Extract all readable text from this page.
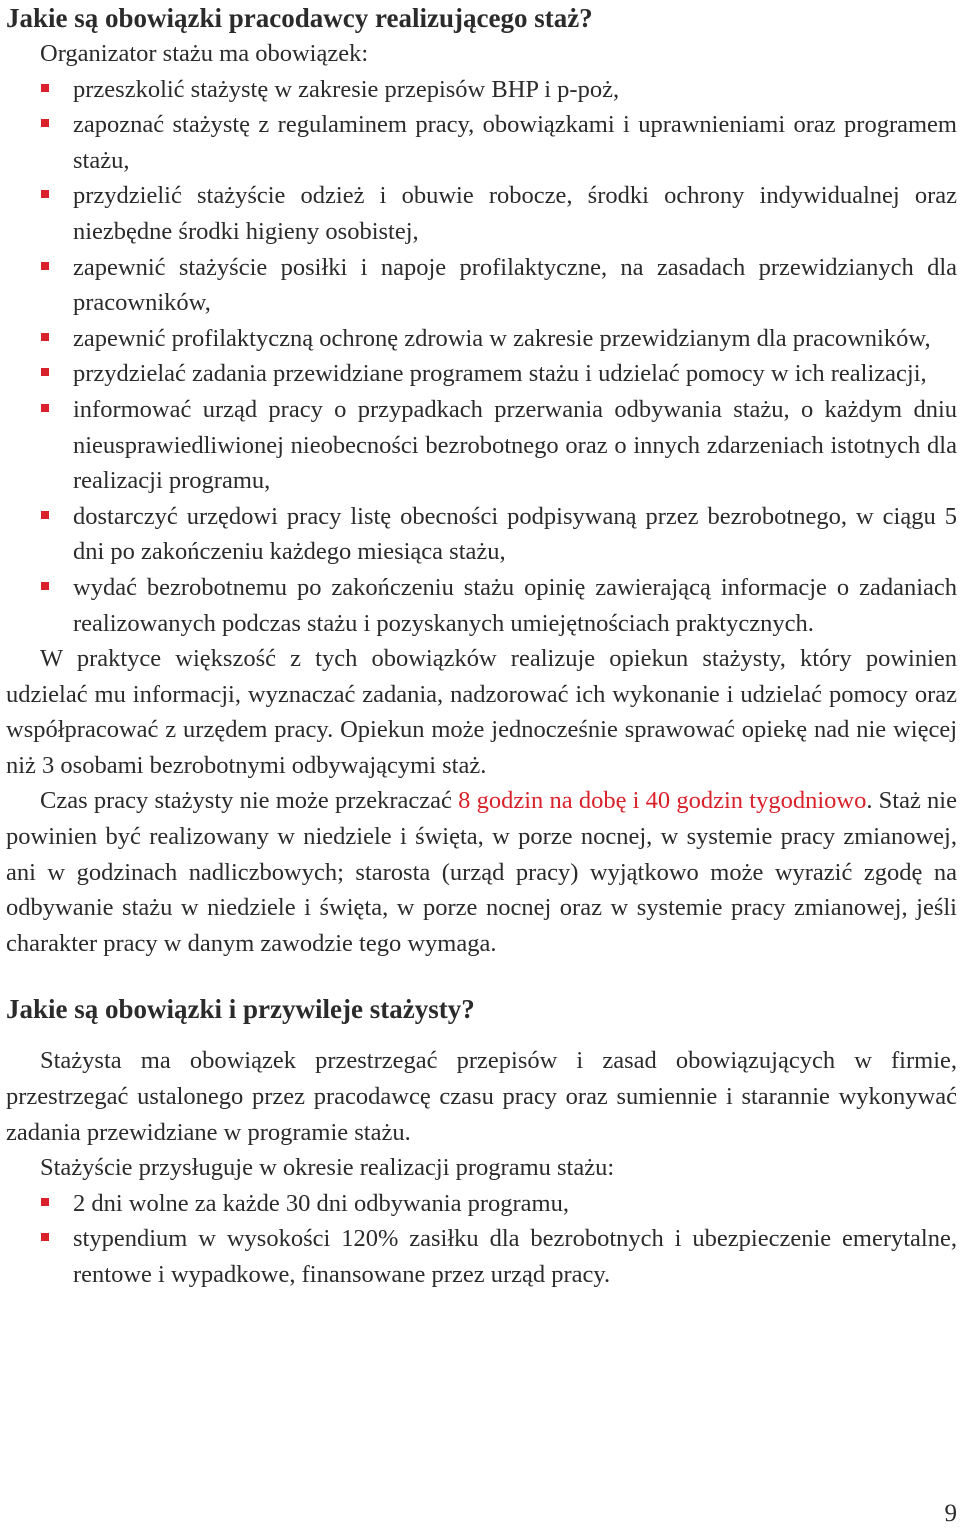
Jakie są obowiązki pracodawcy realizującego staż?

Organizator stażu ma obowiązek:

przeszkolić stażystę w zakresie przepisów BHP i p-poż,
zapoznać stażystę z regulaminem pracy, obowiązkami i uprawnieniami oraz programem stażu,
przydzielić stażyście odzież i obuwie robocze, środki ochrony indywidualnej oraz niezbędne środki higieny osobistej,
zapewnić stażyście posiłki i napoje profilaktyczne, na zasadach przewidzianych dla pracowników,
zapewnić profilaktyczną ochronę zdrowia w zakresie przewidzianym dla pracowników,
przydzielać zadania przewidziane programem stażu i udzielać pomocy w ich realizacji,
informować urząd pracy o przypadkach przerwania odbywania stażu, o każdym dniu nieusprawiedliwionej nieobecności bezrobotnego oraz o innych zdarzeniach istotnych dla realizacji programu,
dostarczyć urzędowi pracy listę obecności podpisywaną przez bezrobotnego, w ciągu 5 dni po zakończeniu każdego miesiąca stażu,
wydać bezrobotnemu po zakończeniu stażu opinię zawierającą informacje o zadaniach realizowanych podczas stażu i pozyskanych umiejętnościach praktycznych.

W praktyce większość z tych obowiązków realizuje opiekun stażysty, który powinien udzielać mu informacji, wyznaczać zadania, nadzorować ich wykonanie i udzielać pomocy oraz współpracować z urzędem pracy. Opiekun może jednocześnie sprawować opiekę nad nie więcej niż 3 osobami bezrobotnymi odbywającymi staż.

Czas pracy stażysty nie może przekraczać 8 godzin na dobę i 40 godzin tygodniowo. Staż nie powinien być realizowany w niedziele i święta, w porze nocnej, w systemie pracy zmianowej, ani w godzinach nadliczbowych; starosta (urząd pracy) wyjątkowo może wyrazić zgodę na odbywanie stażu w niedziele i święta, w porze nocnej oraz w systemie pracy zmianowej, jeśli charakter pracy w danym zawodzie tego wymaga.

Jakie są obowiązki i przywileje stażysty?

Stażysta ma obowiązek przestrzegać przepisów i zasad obowiązujących w firmie, przestrzegać ustalonego przez pracodawcę czasu pracy oraz sumiennie i starannie wykonywać zadania przewidziane w programie stażu.

Stażyście przysługuje w okresie realizacji programu stażu:

2 dni wolne za każde 30 dni odbywania programu,
stypendium w wysokości 120% zasiłku dla bezrobotnych i ubezpieczenie emerytalne, rentowe i wypadkowe, finansowane przez urząd pracy.
9
